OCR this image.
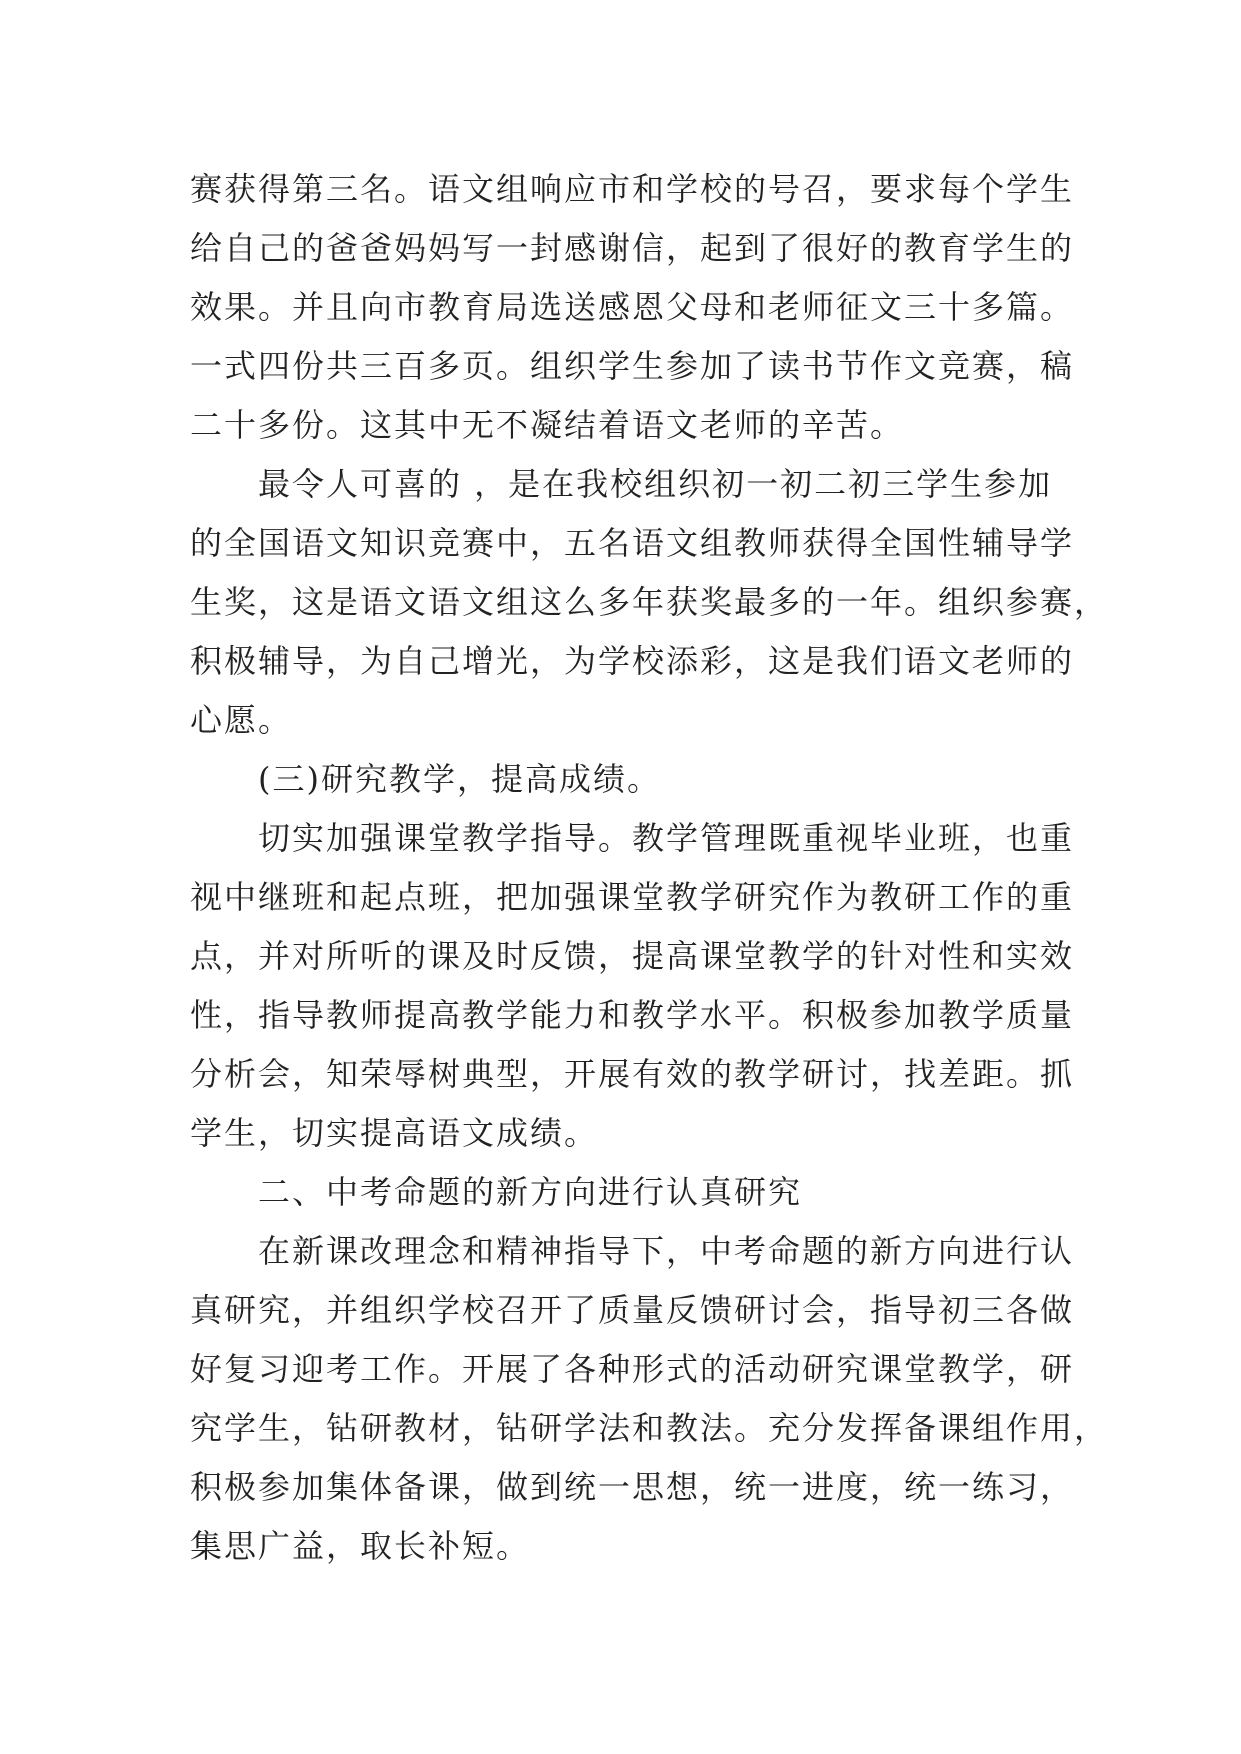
赛获得第三名。语文组响应市和学校的号召，要求每个学生

给自己的爸爸妈妈写一封感谢信，起到了很好的教育学生的

效果。并且向市教育局选送感恩父母和老师征文三十多篇。

一式四份共三百多页。组织学生参加了读书节作文竞赛，稿

二十多份。这其中无不凝结着语文老师的辛苦。

最令人可喜的 ，是在我校组织初一初二初三学生参加

的全国语文知识竞赛中，五名语文组教师获得全国性辅导学

生奖，这是语文语文组这么多年获奖最多的一年。组织参赛，

积极辅导，为自己增光，为学校添彩，这是我们语文老师的

心愿。

(三)研究教学，提高成绩。

切实加强课堂教学指导。教学管理既重视毕业班，也重

视中继班和起点班，把加强课堂教学研究作为教研工作的重

点，并对所听的课及时反馈，提高课堂教学的针对性和实效

性，指导教师提高教学能力和教学水平。积极参加教学质量

分析会，知荣辱树典型，开展有效的教学研讨，找差距。抓

学生，切实提高语文成绩。

二、中考命题的新方向进行认真研究

在新课改理念和精神指导下，中考命题的新方向进行认

真研究，并组织学校召开了质量反馈研讨会，指导初三各做

好复习迎考工作。开展了各种形式的活动研究课堂教学，研

究学生，钻研教材，钻研学法和教法。充分发挥备课组作用，

积极参加集体备课，做到统一思想，统一进度，统一练习，

集思广益，取长补短。
